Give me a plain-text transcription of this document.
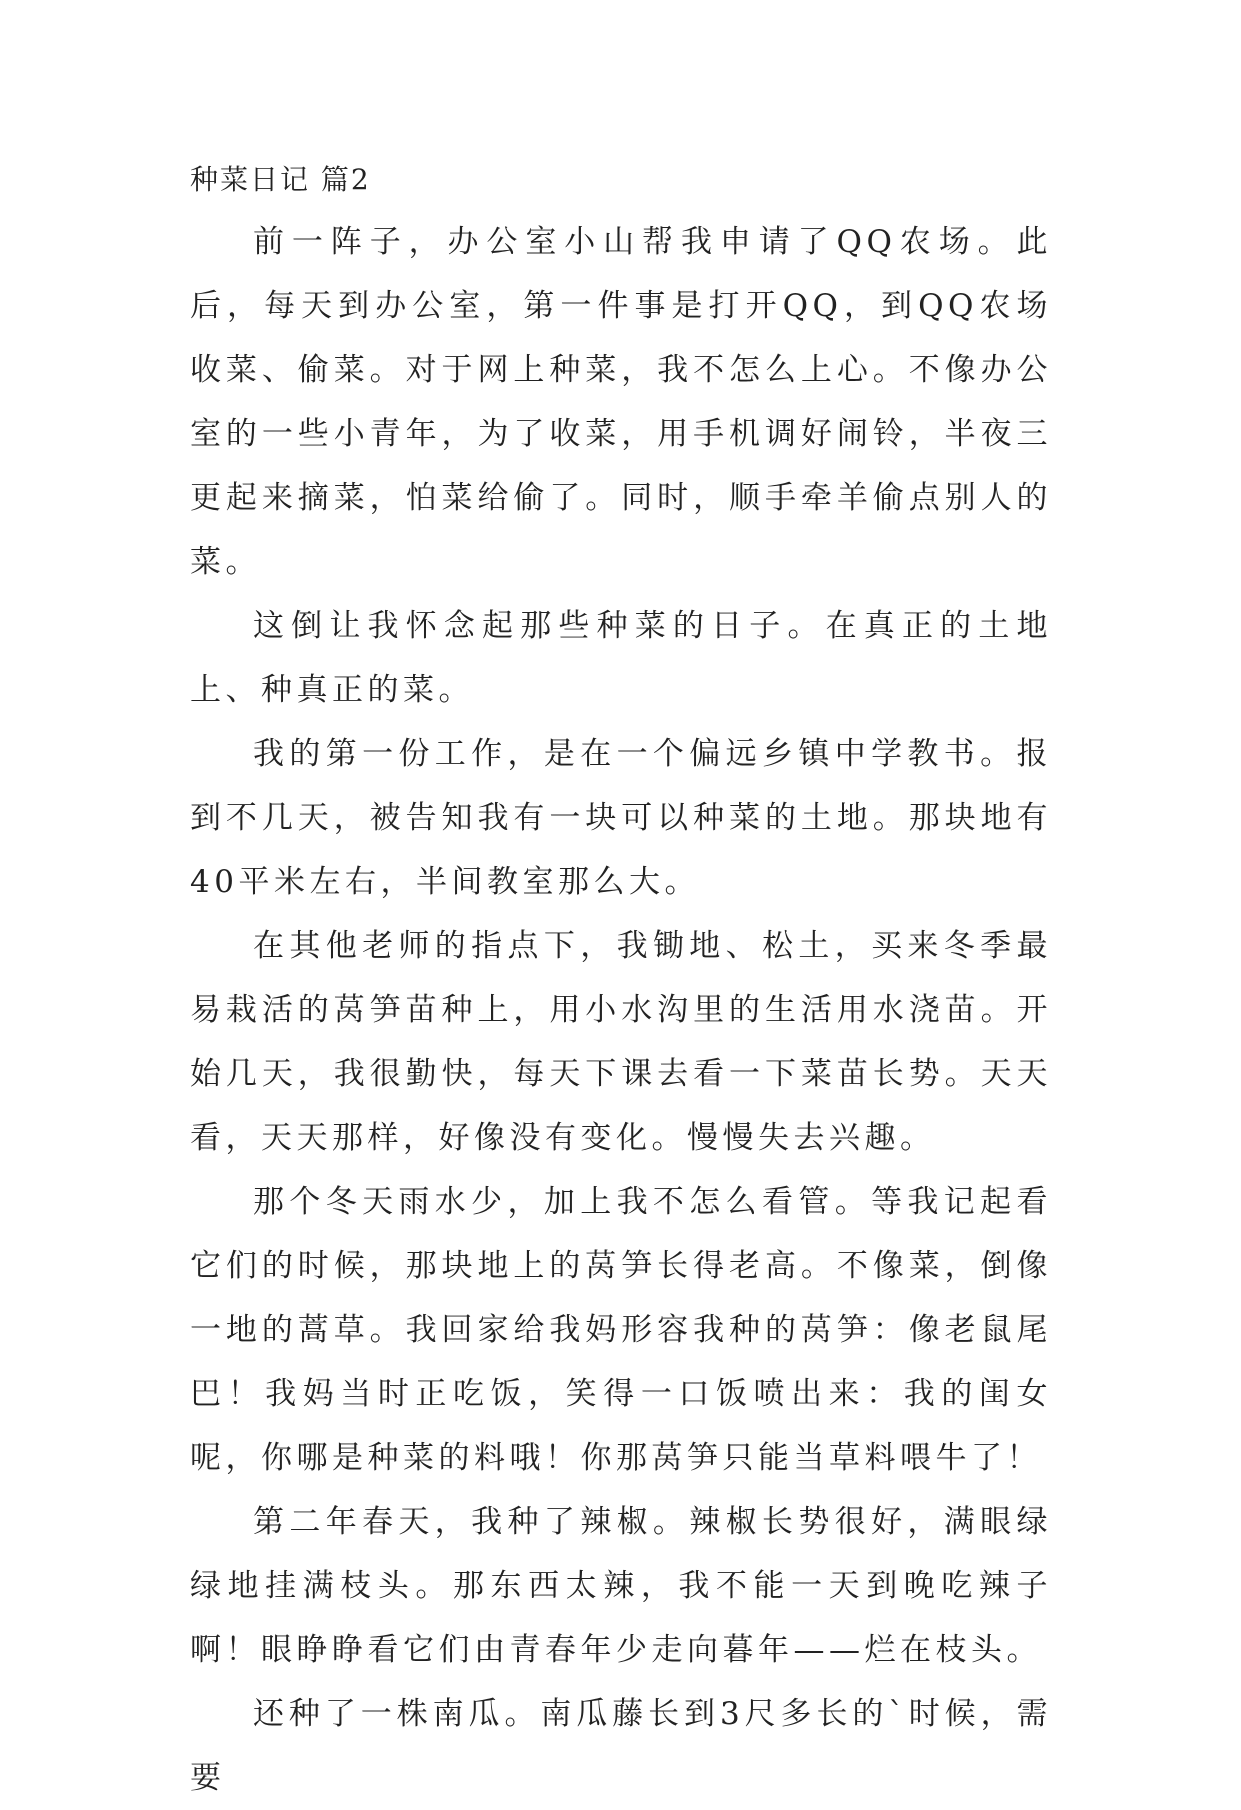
种菜日记 篇2

前一阵子，办公室小山帮我申请了QQ农场。此后，每天到办公室，第一件事是打开QQ，到QQ农场收菜、偷菜。对于网上种菜，我不怎么上心。不像办公室的一些小青年，为了收菜，用手机调好闹铃，半夜三更起来摘菜，怕菜给偷了。同时，顺手牵羊偷点别人的菜。

这倒让我怀念起那些种菜的日子。在真正的土地上、种真正的菜。

我的第一份工作，是在一个偏远乡镇中学教书。报到不几天，被告知我有一块可以种菜的土地。那块地有40平米左右，半间教室那么大。

在其他老师的指点下，我锄地、松土，买来冬季最易栽活的莴笋苗种上，用小水沟里的生活用水浇苗。开始几天，我很勤快，每天下课去看一下菜苗长势。天天看，天天那样，好像没有变化。慢慢失去兴趣。

那个冬天雨水少，加上我不怎么看管。等我记起看它们的时候，那块地上的莴笋长得老高。不像菜，倒像一地的蒿草。我回家给我妈形容我种的莴笋：像老鼠尾巴！我妈当时正吃饭，笑得一口饭喷出来：我的闺女呢，你哪是种菜的料哦！你那莴笋只能当草料喂牛了！

第二年春天，我种了辣椒。辣椒长势很好，满眼绿绿地挂满枝头。那东西太辣，我不能一天到晚吃辣子啊！眼睁睁看它们由青春年少走向暮年——烂在枝头。

还种了一株南瓜。南瓜藤长到3尺多长的`时候，需要
